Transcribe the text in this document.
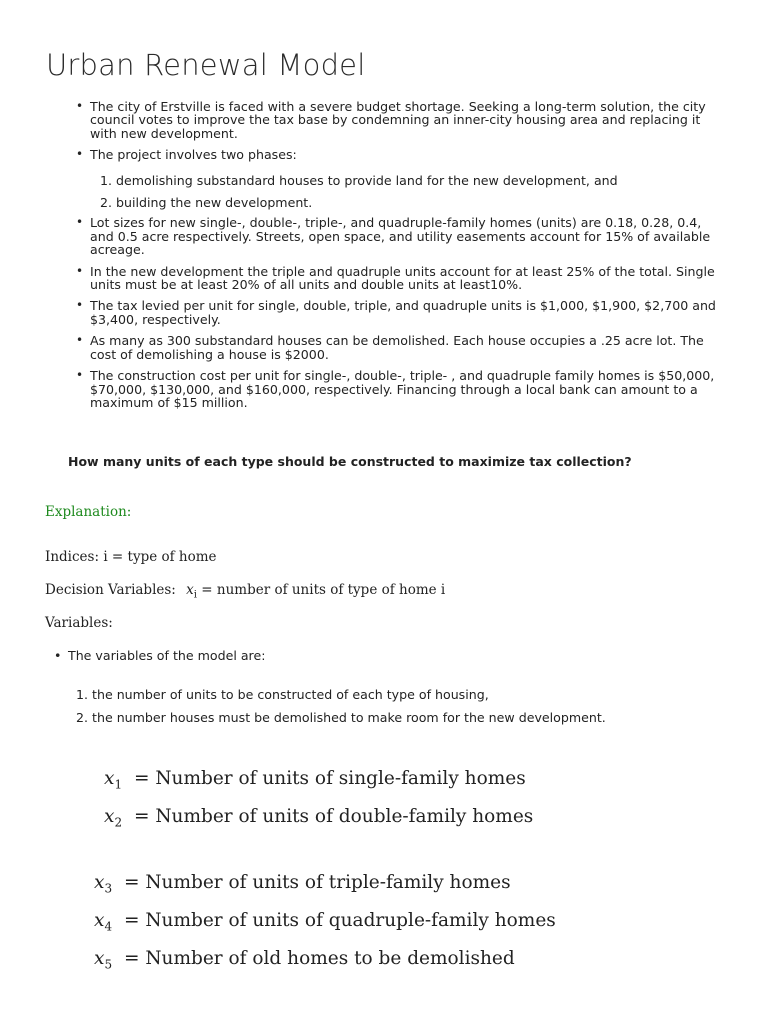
Urban Renewal Model
• The city of Erstville is faced with a severe budget shortage. Seeking a long-term solution, the city council votes to improve the tax base by condemning an inner-city housing area and replacing it with new development.
• The project involves two phases:
1. demolishing substandard houses to provide land for the new development, and
2. building the new development.
• Lot sizes for new single-, double-, triple-, and quadruple-family homes (units) are 0.18, 0.28, 0.4, and 0.5 acre respectively. Streets, open space, and utility easements account for 15% of available acreage.
• In the new development the triple and quadruple units account for at least 25% of the total. Single units must be at least 20% of all units and double units at least10%.
• The tax levied per unit for single, double, triple, and quadruple units is $1,000, $1,900, $2,700 and $3,400, respectively.
• As many as 300 substandard houses can be demolished. Each house occupies a .25 acre lot. The cost of demolishing a house is $2000.
• The construction cost per unit for single-, double-, triple- , and quadruple family homes is $50,000, $70,000, $130,000, and $160,000, respectively. Financing through a local bank can amount to a maximum of $15 million.

How many units of each type should be constructed to maximize tax collection?

Explanation:

Indices: i = type of home

Decision Variables: $x_i$ = number of units of type of home i

Variables:

• The variables of the model are:
1. the number of units to be constructed of each type of housing,
2. the number houses must be demolished to make room for the new development.
$x_1$ = Number of units of single-family homes
$x_2$ = Number of units of double-family homes
$x_3$ = Number of units of triple-family homes
$x_4$ = Number of units of quadruple-family homes
$x_5$ = Number of old homes to be demolished
